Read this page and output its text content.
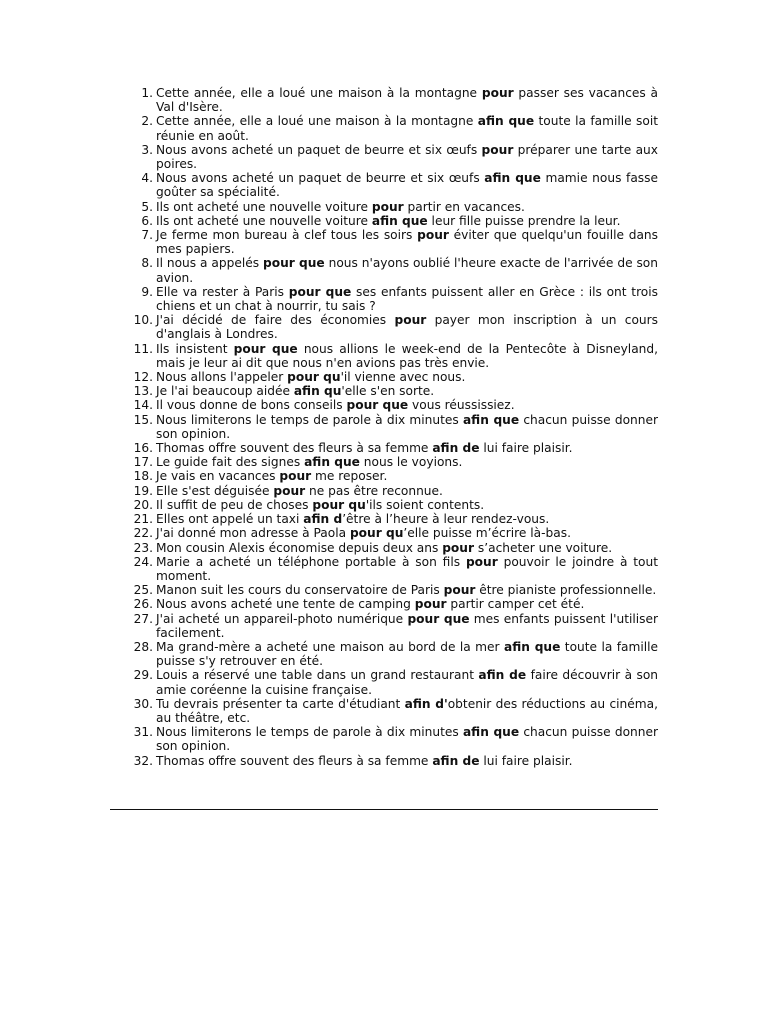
1. Cette année, elle a loué une maison à la montagne pour passer ses vacances à Val d'Isère.
2. Cette année, elle a loué une maison à la montagne afin que toute la famille soit réunie en août.
3. Nous avons acheté un paquet de beurre et six œufs pour préparer une tarte aux poires.
4. Nous avons acheté un paquet de beurre et six œufs afin que mamie nous fasse goûter sa spécialité.
5. Ils ont acheté une nouvelle voiture pour partir en vacances.
6. Ils ont acheté une nouvelle voiture afin que leur fille puisse prendre la leur.
7. Je ferme mon bureau à clef tous les soirs pour éviter que quelqu'un fouille dans mes papiers.
8. Il nous a appelés pour que nous n'ayons oublié l'heure exacte de l'arrivée de son avion.
9. Elle va rester à Paris pour que ses enfants puissent aller en Grèce : ils ont trois chiens et un chat à nourrir, tu sais ?
10. J'ai décidé de faire des économies pour payer mon inscription à un cours d'anglais à Londres.
11. Ils insistent pour que nous allions le week-end de la Pentecôte à Disneyland, mais je leur ai dit que nous n'en avions pas très envie.
12. Nous allons l'appeler pour qu'il vienne avec nous.
13. Je l'ai beaucoup aidée afin qu'elle s'en sorte.
14. Il vous donne de bons conseils pour que vous réussissiez.
15. Nous limiterons le temps de parole à dix minutes afin que chacun puisse donner son opinion.
16. Thomas offre souvent des fleurs à sa femme afin de lui faire plaisir.
17. Le guide fait des signes afin que nous le voyions.
18. Je vais en vacances pour me reposer.
19. Elle s'est déguisée pour ne pas être reconnue.
20. Il suffit de peu de choses pour qu'ils soient contents.
21. Elles ont appelé un taxi afin d’être à l’heure à leur rendez-vous.
22. J'ai donné mon adresse à Paola pour qu’elle puisse m’écrire là-bas.
23. Mon cousin Alexis économise depuis deux ans pour s’acheter une voiture.
24. Marie a acheté un téléphone portable à son fils pour pouvoir le joindre à tout moment.
25. Manon suit les cours du conservatoire de Paris pour être pianiste professionnelle.
26. Nous avons acheté une tente de camping pour partir camper cet été.
27. J'ai acheté un appareil-photo numérique pour que mes enfants puissent l'utiliser facilement.
28. Ma grand-mère a acheté une maison au bord de la mer afin que toute la famille puisse s'y retrouver en été.
29. Louis a réservé une table dans un grand restaurant afin de faire découvrir à son amie coréenne la cuisine française.
30. Tu devrais présenter ta carte d'étudiant afin d'obtenir des réductions au cinéma, au théâtre, etc.
31. Nous limiterons le temps de parole à dix minutes afin que chacun puisse donner son opinion.
32. Thomas offre souvent des fleurs à sa femme afin de lui faire plaisir.
